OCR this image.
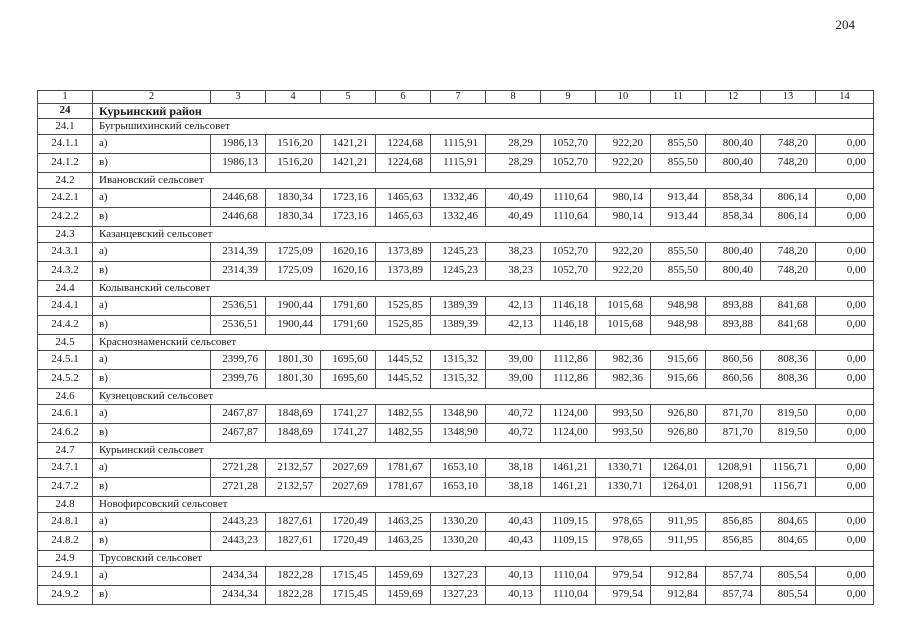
204
1	2	3	4	5	6	7	8	9	10	11	12	13	14
24	Курьинский район												
24.1	Бугрышихинский сельсовет												
24.1.1	а)	1986,13	1516,20	1421,21	1224,68	1115,91	28,29	1052,70	922,20	855,50	800,40	748,20	0,00
24.1.2	в)	1986,13	1516,20	1421,21	1224,68	1115,91	28,29	1052,70	922,20	855,50	800,40	748,20	0,00
24.2	Ивановский сельсовет												
24.2.1	а)	2446,68	1830,34	1723,16	1465,63	1332,46	40,49	1110,64	980,14	913,44	858,34	806,14	0,00
24.2.2	в)	2446,68	1830,34	1723,16	1465,63	1332,46	40,49	1110,64	980,14	913,44	858,34	806,14	0,00
24.3	Казанцевский сельсовет												
24.3.1	а)	2314,39	1725,09	1620,16	1373,89	1245,23	38,23	1052,70	922,20	855,50	800,40	748,20	0,00
24.3.2	в)	2314,39	1725,09	1620,16	1373,89	1245,23	38,23	1052,70	922,20	855,50	800,40	748,20	0,00
24.4	Колыванский сельсовет												
24.4.1	а)	2536,51	1900,44	1791,60	1525,85	1389,39	42,13	1146,18	1015,68	948,98	893,88	841,68	0,00
24.4.2	в)	2536,51	1900,44	1791,60	1525,85	1389,39	42,13	1146,18	1015,68	948,98	893,88	841,68	0,00
24.5	Краснознаменский сельсовет												
24.5.1	а)	2399,76	1801,30	1695,60	1445,52	1315,32	39,00	1112,86	982,36	915,66	860,56	808,36	0,00
24.5.2	в)	2399,76	1801,30	1695,60	1445,52	1315,32	39,00	1112,86	982,36	915,66	860,56	808,36	0,00
24.6	Кузнецовский сельсовет												
24.6.1	а)	2467,87	1848,69	1741,27	1482,55	1348,90	40,72	1124,00	993,50	926,80	871,70	819,50	0,00
24.6.2	в)	2467,87	1848,69	1741,27	1482,55	1348,90	40,72	1124,00	993,50	926,80	871,70	819,50	0,00
24.7	Курьинский сельсовет												
24.7.1	а)	2721,28	2132,57	2027,69	1781,67	1653,10	38,18	1461,21	1330,71	1264,01	1208,91	1156,71	0,00
24.7.2	в)	2721,28	2132,57	2027,69	1781,67	1653,10	38,18	1461,21	1330,71	1264,01	1208,91	1156,71	0,00
24.8	Новофирсовский сельсовет												
24.8.1	а)	2443,23	1827,61	1720,49	1463,25	1330,20	40,43	1109,15	978,65	911,95	856,85	804,65	0,00
24.8.2	в)	2443,23	1827,61	1720,49	1463,25	1330,20	40,43	1109,15	978,65	911,95	856,85	804,65	0,00
24.9	Трусовский сельсовет												
24.9.1	а)	2434,34	1822,28	1715,45	1459,69	1327,23	40,13	1110,04	979,54	912,84	857,74	805,54	0,00
24.9.2	в)	2434,34	1822,28	1715,45	1459,69	1327,23	40,13	1110,04	979,54	912,84	857,74	805,54	0,00
